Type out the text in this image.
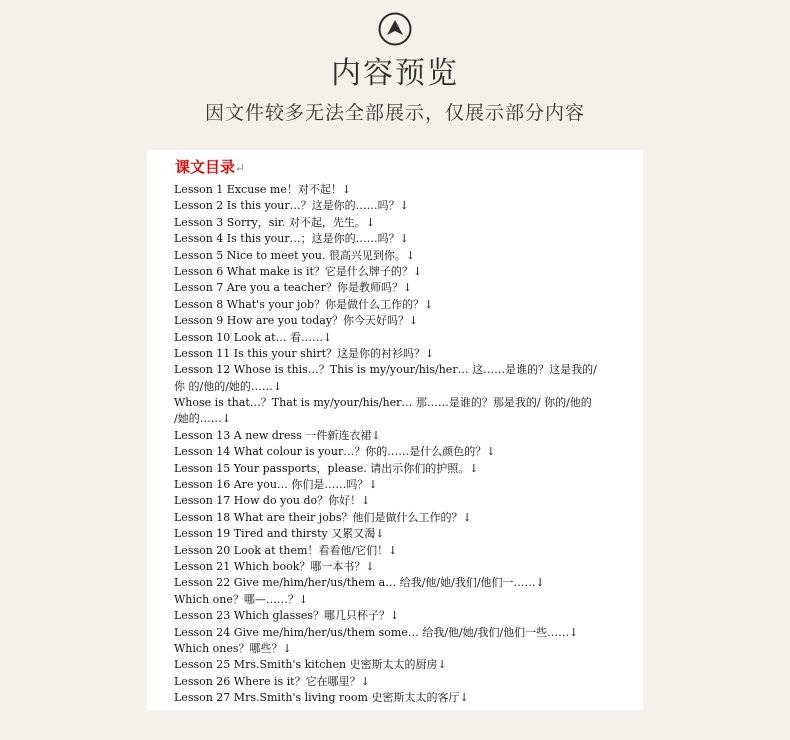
内容预览
因文件较多无法全部展示，仅展示部分内容
课文目录↵
Lesson 1 Excuse me！对不起！↓
Lesson 2 Is this your…？这是你的……吗？↓
Lesson 3 Sorry，sir. 对不起，先生。↓
Lesson 4 Is this your…；这是你的……吗？↓
Lesson 5 Nice to meet you. 很高兴见到你。↓
Lesson 6 What make is it？它是什么牌子的？↓
Lesson 7 Are you a teacher？你是教师吗？↓
Lesson 8 What's your job？你是做什么工作的？↓
Lesson 9 How are you today？你今天好吗？↓
Lesson 10 Look at… 看……↓
Lesson 11 Is this your shirt？这是你的衬衫吗？↓
Lesson 12 Whose is this…？This is my/your/his/her… 这……是谁的？这是我的/
你 的/他的/她的……↓
Whose is that…？That is my/your/his/her… 那……是谁的？那是我的/ 你的/他的
/她的……↓
Lesson 13 A new dress 一件新连衣裙↓
Lesson 14 What colour is your…？你的……是什么颜色的？↓
Lesson 15 Your passports，please. 请出示你们的护照。↓
Lesson 16 Are you… 你们是……吗？↓
Lesson 17 How do you do？你好！↓
Lesson 18 What are their jobs？他们是做什么工作的？↓
Lesson 19 Tired and thirsty 又累又渴↓
Lesson 20 Look at them！看看他/它们！↓
Lesson 21 Which book？哪一本书？↓
Lesson 22 Give me/him/her/us/them a… 给我/他/她/我们/他们一……↓
Which one？哪—……？↓
Lesson 23 Which glasses？哪几只杯子？↓
Lesson 24 Give me/him/her/us/them some… 给我/他/她/我们/他们一些……↓
Which ones？哪些？↓
Lesson 25 Mrs.Smith's kitchen 史密斯太太的厨房↓
Lesson 26 Where is it？它在哪里？↓
Lesson 27 Mrs.Smith's living room 史密斯太太的客厅↓
